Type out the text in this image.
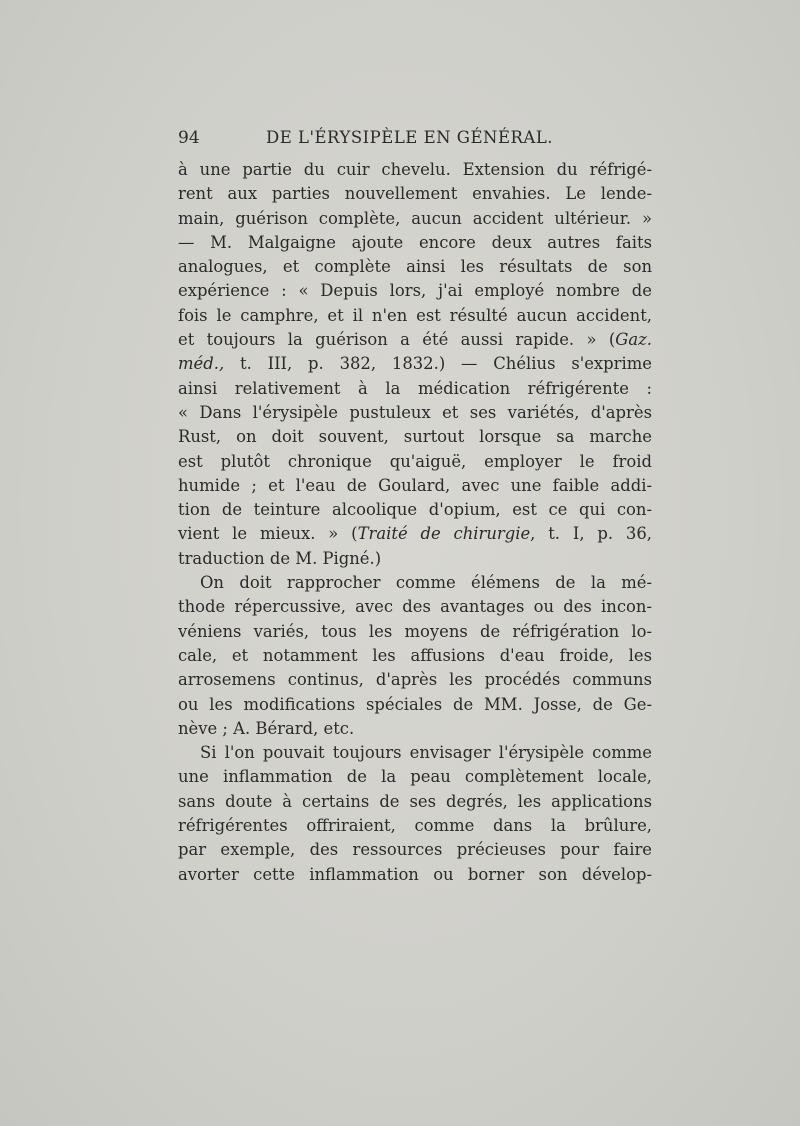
94	DE L'ÉRYSIPÈLE EN GÉNÉRAL.
à une partie du cuir chevelu. Extension du réfrigé-
rent aux parties nouvellement envahies. Le lende-
main, guérison complète, aucun accident ultérieur. »
— M. Malgaigne ajoute encore deux autres faits
analogues, et complète ainsi les résultats de son
expérience : « Depuis lors, j'ai employé nombre de
fois le camphre, et il n'en est résulté aucun accident,
et toujours la guérison a été aussi rapide. » (Gaz.
méd., t. III, p. 382, 1832.) — Chélius s'exprime
ainsi relativement à la médication réfrigérente :
« Dans l'érysipèle pustuleux et ses variétés, d'après
Rust, on doit souvent, surtout lorsque sa marche
est plutôt chronique qu'aiguë, employer le froid
humide ; et l'eau de Goulard, avec une faible addi-
tion de teinture alcoolique d'opium, est ce qui con-
vient le mieux. » (Traité de chirurgie, t. I, p. 36,
traduction de M. Pigné.)
On doit rapprocher comme élémens de la mé-
thode répercussive, avec des avantages ou des incon-
véniens variés, tous les moyens de réfrigération lo-
cale, et notamment les affusions d'eau froide, les
arrosemens continus, d'après les procédés communs
ou les modifications spéciales de MM. Josse, de Ge-
nève ; A. Bérard, etc.
Si l'on pouvait toujours envisager l'érysipèle comme
une inflammation de la peau complètement locale,
sans doute à certains de ses degrés, les applications
réfrigérentes offriraient, comme dans la brûlure,
par exemple, des ressources précieuses pour faire
avorter cette inflammation ou borner son dévelop-
